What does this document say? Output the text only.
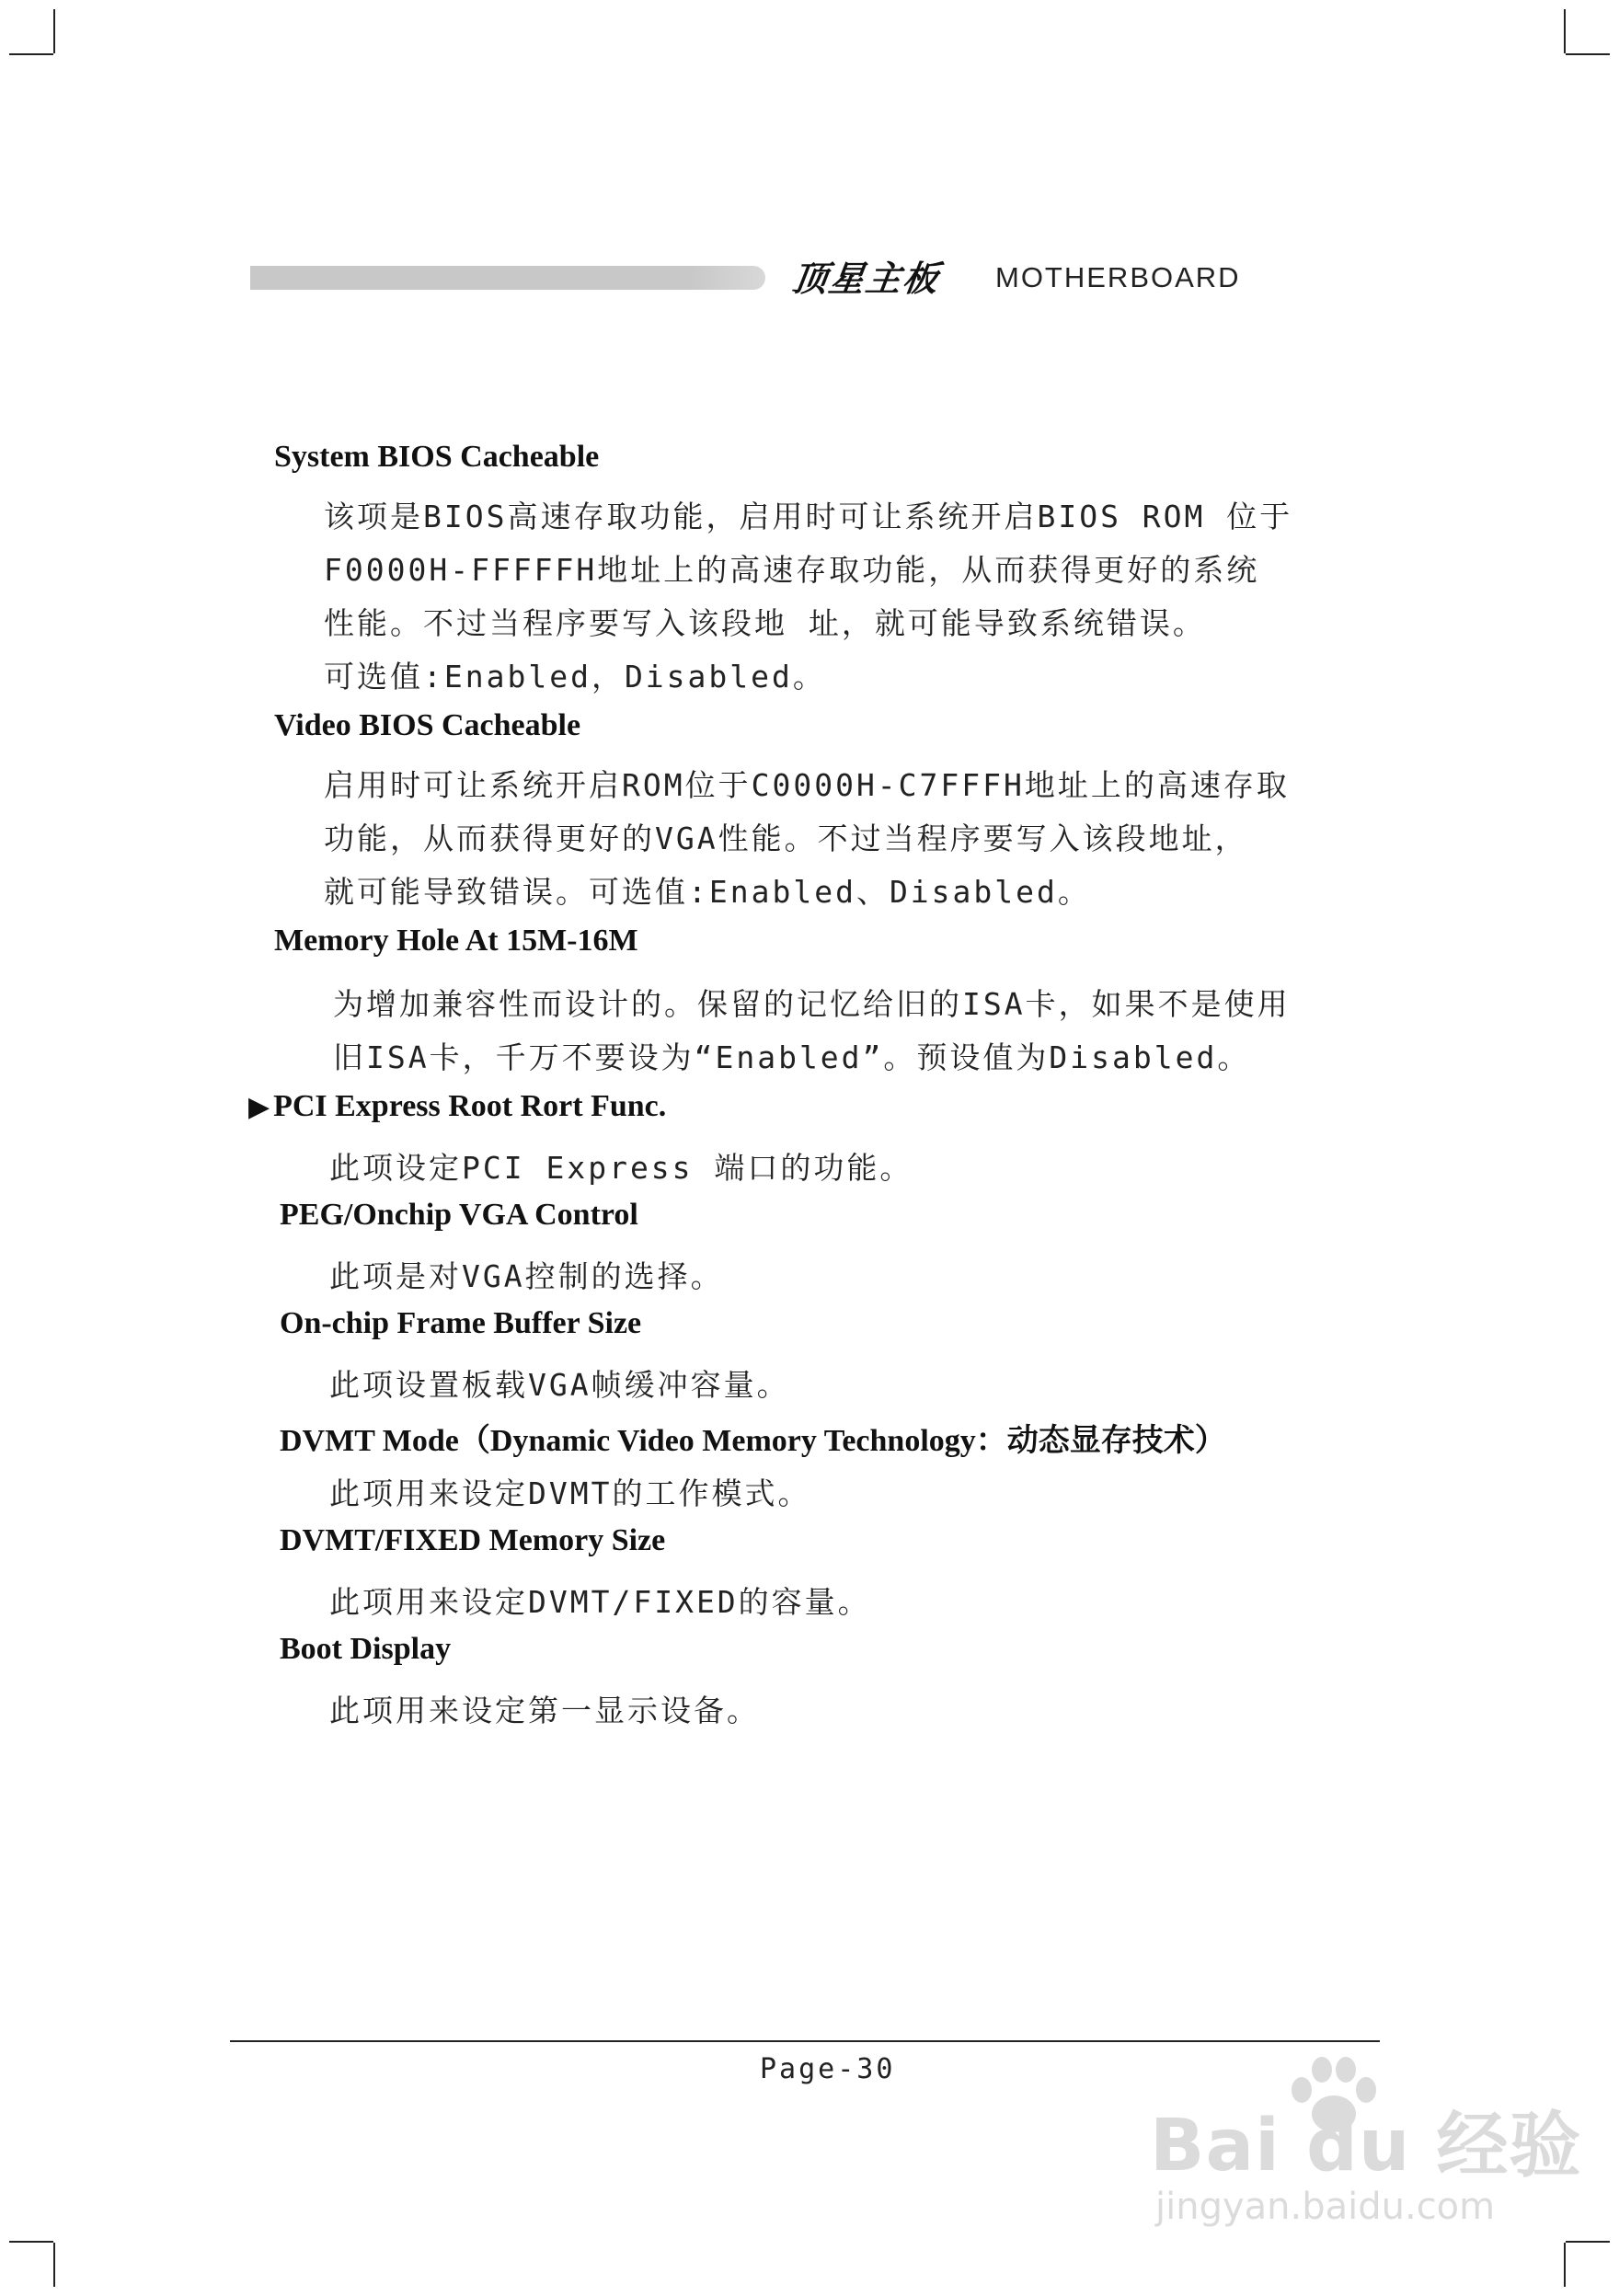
顶星主板 MOTHERBOARD
System BIOS Cacheable
该项是BIOS高速存取功能，启用时可让系统开启BIOS ROM 位于
F0000H-FFFFFH地址上的高速存取功能，从而获得更好的系统
性能。不过当程序要写入该段地 址，就可能导致系统错误。
可选值:Enabled，Disabled。
Video BIOS Cacheable
启用时可让系统开启ROM位于C0000H-C7FFFH地址上的高速存取
功能，从而获得更好的VGA性能。不过当程序要写入该段地址，
就可能导致错误。可选值:Enabled、Disabled。
Memory Hole At 15M-16M
为增加兼容性而设计的。保留的记忆给旧的ISA卡，如果不是使用
旧ISA卡，千万不要设为“Enabled”。预设值为Disabled。
▶ PCI Express Root Rort Func.
此项设定PCI Express 端口的功能。
PEG/Onchip VGA Control
此项是对VGA控制的选择。
On-chip Frame Buffer Size
此项设置板载VGA帧缓冲容量。
DVMT Mode（Dynamic Video Memory Technology：动态显存技术）
此项用来设定DVMT的工作模式。
DVMT/FIXED Memory Size
此项用来设定DVMT/FIXED的容量。
Boot Display
此项用来设定第一显示设备。
Page-30
Bai du 经验
jingyan.baidu.com
